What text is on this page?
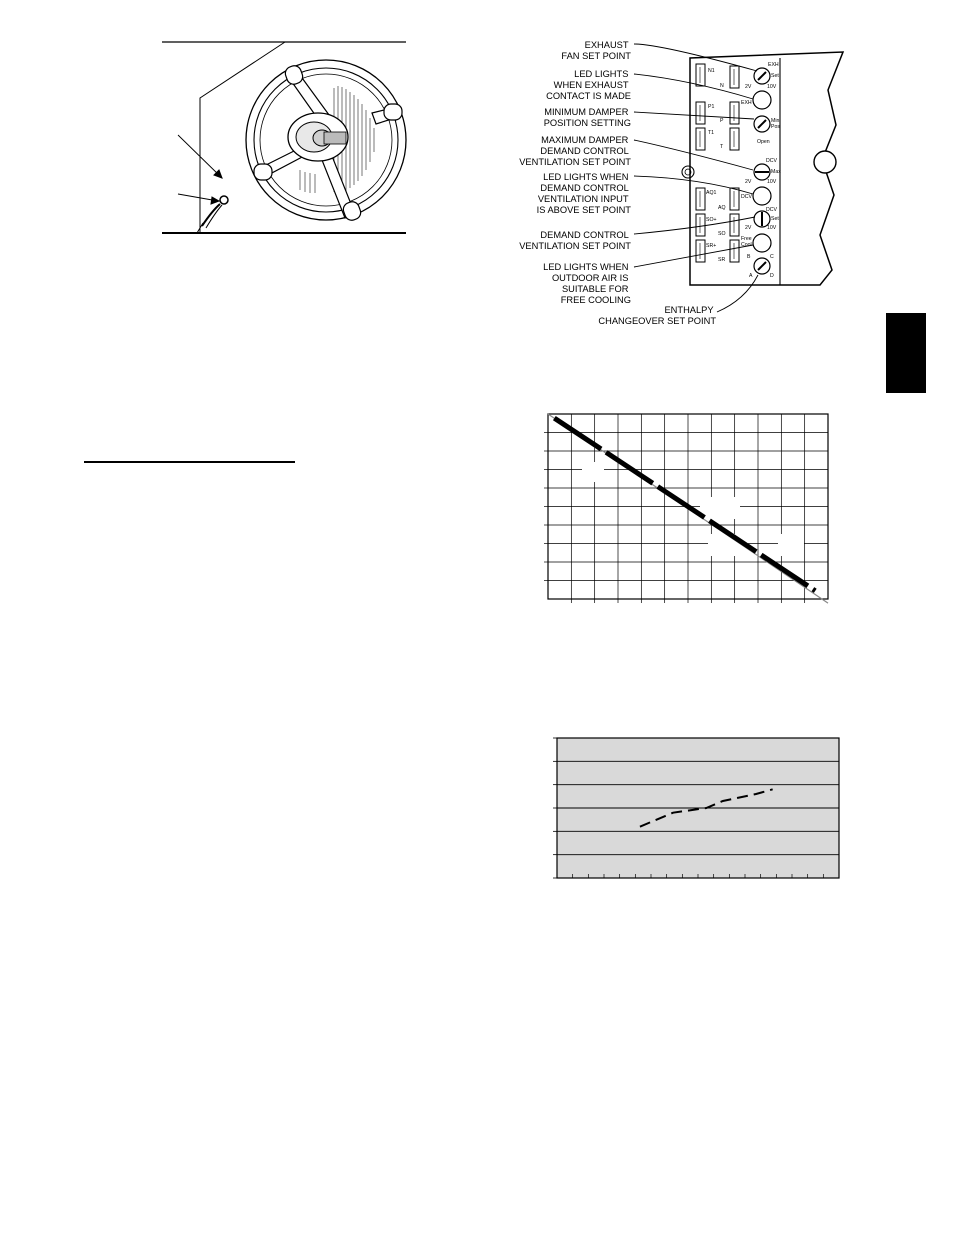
N1
N
P1
P
T1
T
AQ1
AQ
SO+
SO
SR+
SR
EXH
DCV
EXH
Set
2V	10V
Min
Pos
Open
DCV
Max
2V	10V
DCV
Set
2V	10V
Free
Cool
B	C
A	D
EXHAUST FAN SET POINT
LED LIGHTS WHEN EXHAUST CONTACT IS MADE
MINIMUM DAMPER POSITION SETTING
MAXIMUM DAMPER DEMAND CONTROL VENTILATION SET POINT
LED LIGHTS WHEN DEMAND CONTROL VENTILATION INPUT IS ABOVE SET POINT
DEMAND CONTROL VENTILATION SET POINT
LED LIGHTS WHEN OUTDOOR AIR IS SUITABLE FOR FREE COOLING
ENTHALPY CHANGEOVER SET POINT
